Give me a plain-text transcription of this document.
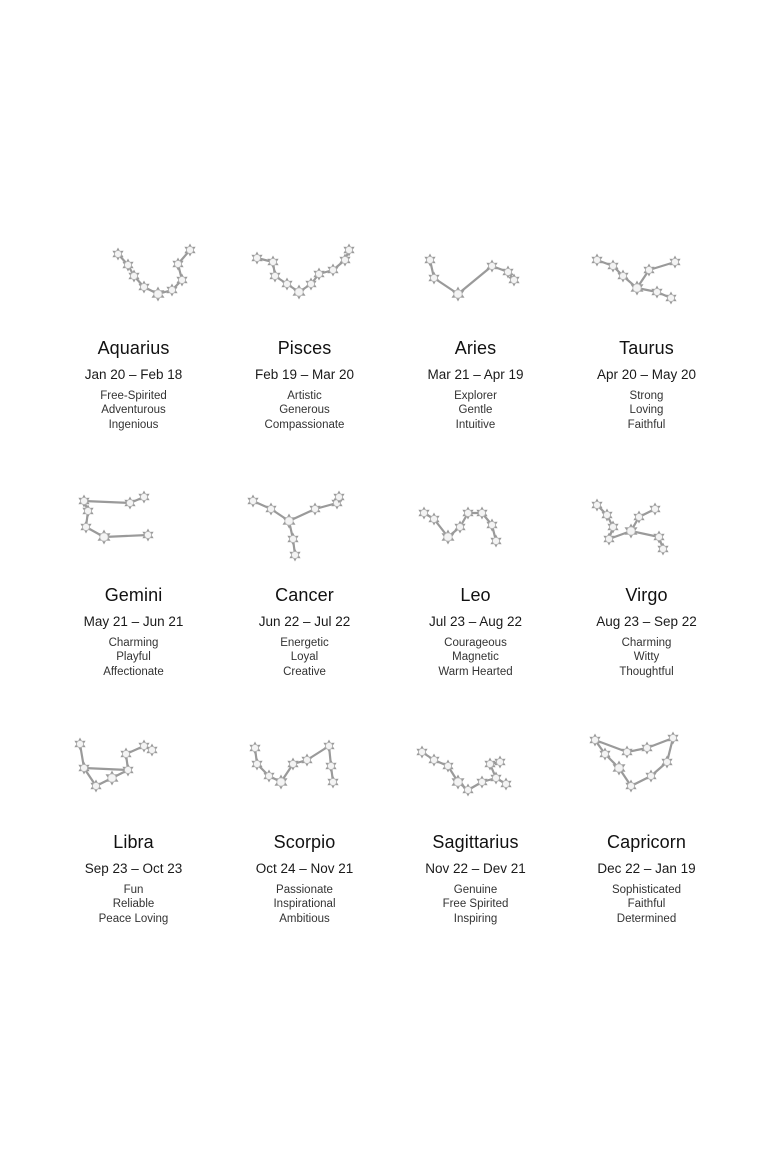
Aquarius
Jan 20 – Feb 18
Free-Spirited
Adventurous
Ingenious
Pisces
Feb 19 – Mar 20
Artistic
Generous
Compassionate
Aries
Mar 21 – Apr 19
Explorer
Gentle
Intuitive
Taurus
Apr 20 – May 20
Strong
Loving
Faithful
Gemini
May 21 – Jun 21
Charming
Playful
Affectionate
Cancer
Jun 22 – Jul 22
Energetic
Loyal
Creative
Leo
Jul 23 – Aug 22
Courageous
Magnetic
Warm Hearted
Virgo
Aug 23 – Sep 22
Charming
Witty
Thoughtful
Libra
Sep 23 – Oct 23
Fun
Reliable
Peace Loving
Scorpio
Oct 24 – Nov 21
Passionate
Inspirational
Ambitious
Sagittarius
Nov 22 – Dev 21
Genuine
Free Spirited
Inspiring
Capricorn
Dec 22 – Jan 19
Sophisticated
Faithful
Determined
